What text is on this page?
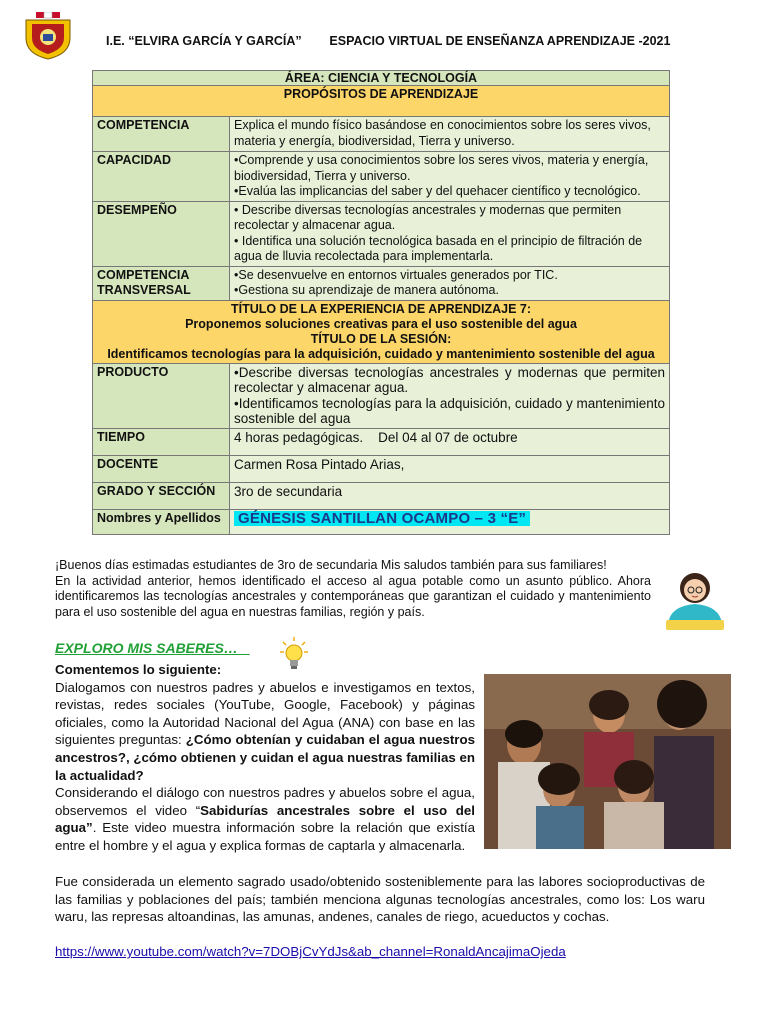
I.E. “ELVIRA GARCÍA Y GARCÍA” ESPACIO VIRTUAL DE ENSEÑANZA APRENDIZAJE -2021
ÁREA: CIENCIA Y TECNOLOGÍA	
PROPÓSITOS DE APRENDIZAJE	
COMPETENCIA	Explica el mundo físico basándose en conocimientos sobre los seres vivos, materia y energía, biodiversidad, Tierra y universo.
CAPACIDAD	•Comprende y usa conocimientos sobre los seres vivos, materia y energía, biodiversidad, Tierra y universo.
•Evalúa las implicancias del saber y del quehacer científico y tecnológico.

DESEMPEÑO	• Describe diversas tecnologías ancestrales y modernas que permiten recolectar y almacenar agua.
• Identifica una solución tecnológica basada en el principio de filtración de agua de lluvia recolectada para implementarla.

COMPETENCIA
TRANSVERSAL	•Se desenvuelve en entornos virtuales generados por TIC.
•Gestiona su aprendizaje de manera autónoma.

TÍTULO DE LA EXPERIENCIA DE APRENDIZAJE 7:
Proponemos soluciones creativas para el uso sostenible del agua
TÍTULO DE LA SESIÓN:
Identificamos tecnologías para la adquisición, cuidado y mantenimiento sostenible del agua	

PRODUCTO	•Describe diversas tecnologías ancestrales y modernas que permiten recolectar y almacenar agua.
•Identificamos tecnologías para la adquisición, cuidado y mantenimiento sostenible del agua

TIEMPO	4 horas pedagógicas.    Del 04 al 07 de octubre
DOCENTE	Carmen Rosa Pintado Arias,
GRADO Y SECCIÓN	3ro de secundaria
Nombres y Apellidos	GÉNESIS SANTILLAN OCAMPO – 3 “E”
¡Buenos días estimadas estudiantes de 3ro de secundaria Mis saludos también para sus familiares!
En la actividad anterior, hemos identificado el acceso al agua potable como un asunto público. Ahora identificaremos las tecnologías ancestrales y contemporáneas que garantizan el cuidado y mantenimiento para el uso sostenible del agua en nuestras familias, región y país.
EXPLORO MIS SABERES…
Comentemos lo siguiente:
Dialogamos con nuestros padres y abuelos e investigamos en textos, revistas, redes sociales (YouTube, Google, Facebook) y páginas oficiales, como la Autoridad Nacional del Agua (ANA) con base en las siguientes preguntas: ¿Cómo obtenían y cuidaban el agua nuestros ancestros?, ¿cómo obtienen y cuidan el agua nuestras familias en la actualidad?
Considerando el diálogo con nuestros padres y abuelos sobre el agua, observemos el video “Sabidurías ancestrales sobre el uso del agua”. Este video muestra información sobre la relación que existía entre el hombre y el agua y explica formas de captarla y almacenarla.
Fue considerada un elemento sagrado usado/obtenido sosteniblemente para las labores socioproductivas de las familias y poblaciones del país; también menciona algunas tecnologías ancestrales, como los: Los waru waru, las represas altoandinas, las amunas, andenes, canales de riego, acueductos y cochas.
https://www.youtube.com/watch?v=7DOBjCvYdJs&ab_channel=RonaldAncajimaOjeda
